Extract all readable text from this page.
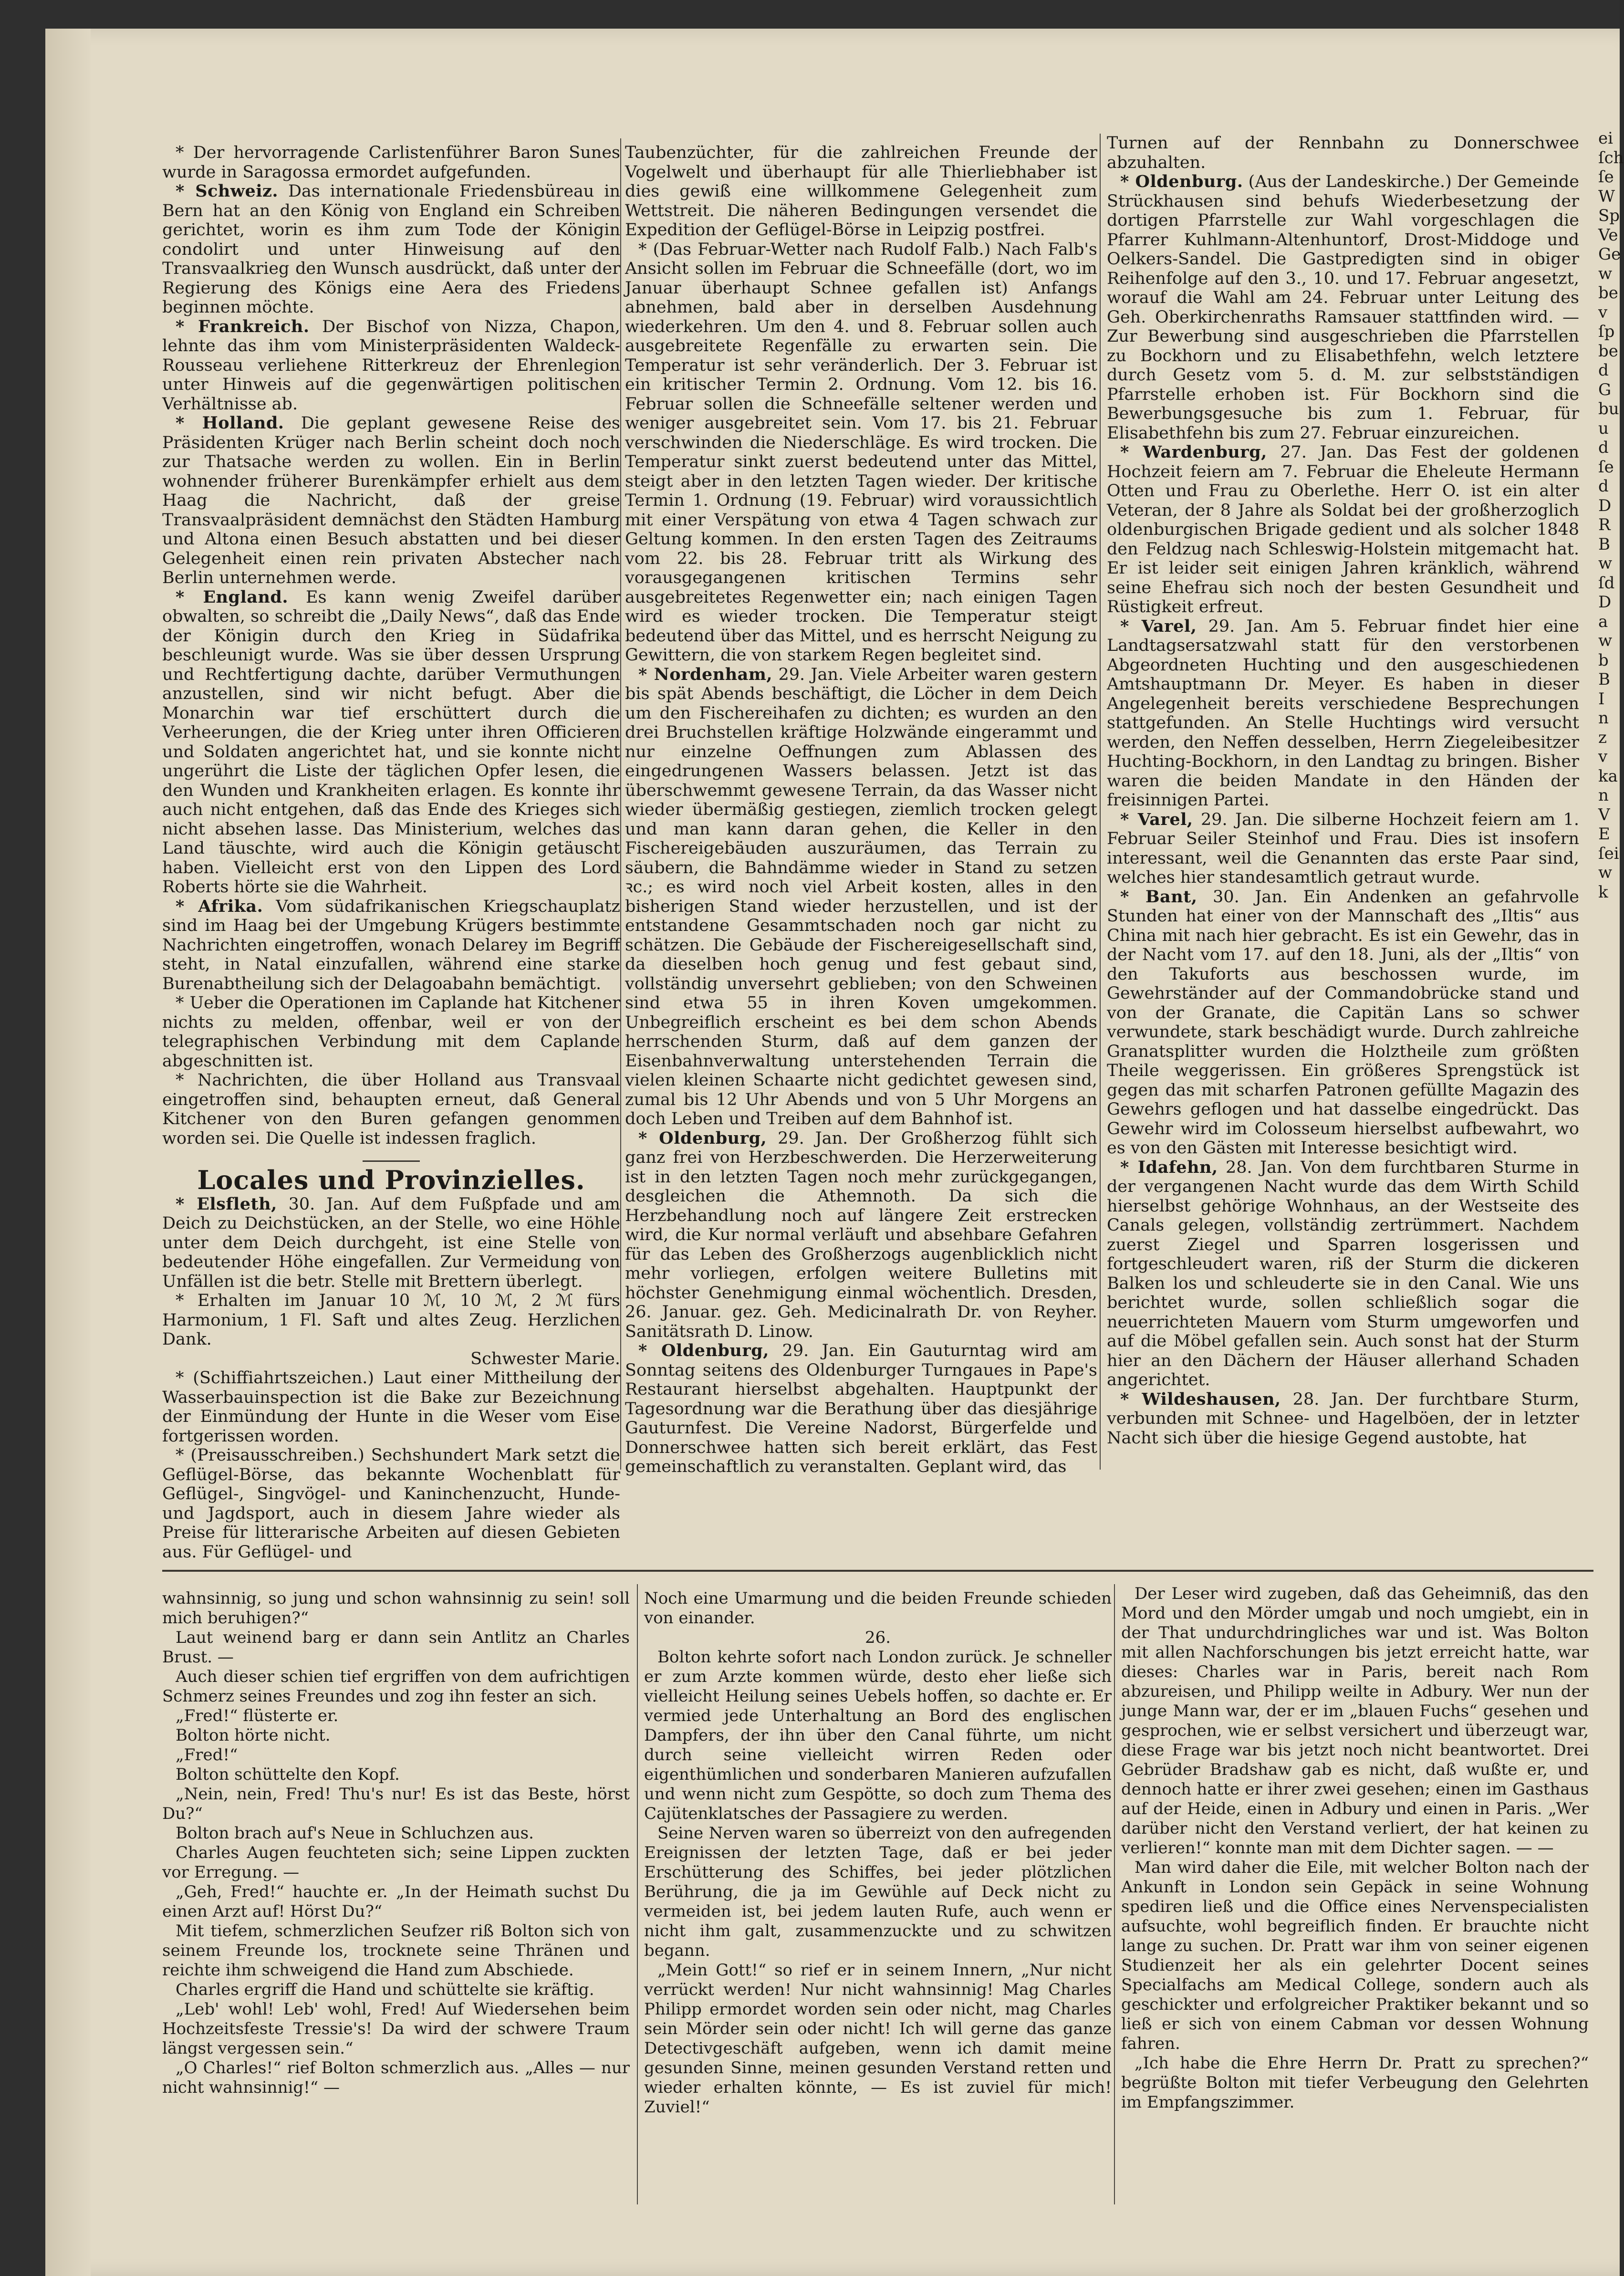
* Der hervorragende Carlistenführer Baron Sunes wurde in Saragossa ermordet aufgefunden.

* Schweiz. Das internationale Friedensbüreau in Bern hat an den König von England ein Schreiben gerichtet, worin es ihm zum Tode der Königin condolirt und unter Hinweisung auf den Transvaalkrieg den Wunsch ausdrückt, daß unter der Regierung des Königs eine Aera des Friedens beginnen möchte.

* Frankreich. Der Bischof von Nizza, Chapon, lehnte das ihm vom Ministerpräsidenten Waldeck-Rousseau verliehene Ritterkreuz der Ehrenlegion unter Hinweis auf die gegenwärtigen politischen Verhältnisse ab.

* Holland. Die geplant gewesene Reise des Präsidenten Krüger nach Berlin scheint doch noch zur Thatsache werden zu wollen. Ein in Berlin wohnender früherer Burenkämpfer erhielt aus dem Haag die Nachricht, daß der greise Transvaalpräsident demnächst den Städten Hamburg und Altona einen Besuch abstatten und bei dieser Gelegenheit einen rein privaten Abstecher nach Berlin unternehmen werde.

* England. Es kann wenig Zweifel darüber obwalten, so schreibt die „Daily News“, daß das Ende der Königin durch den Krieg in Südafrika beschleunigt wurde. Was sie über dessen Ursprung und Rechtfertigung dachte, darüber Vermuthungen anzustellen, sind wir nicht befugt. Aber die Monarchin war tief erschüttert durch die Verheerungen, die der Krieg unter ihren Officieren und Soldaten angerichtet hat, und sie konnte nicht ungerührt die Liste der täglichen Opfer lesen, die den Wunden und Krankheiten erlagen. Es konnte ihr auch nicht entgehen, daß das Ende des Krieges sich nicht absehen lasse. Das Ministerium, welches das Land täuschte, wird auch die Königin getäuscht haben. Vielleicht erst von den Lippen des Lord Roberts hörte sie die Wahrheit.

* Afrika. Vom südafrikanischen Kriegschauplatz sind im Haag bei der Umgebung Krügers bestimmte Nachrichten eingetroffen, wonach Delarey im Begriff steht, in Natal einzufallen, während eine starke Burenabtheilung sich der Delagoabahn bemächtigt.

* Ueber die Operationen im Caplande hat Kitchener nichts zu melden, offenbar, weil er von der telegraphischen Verbindung mit dem Caplande abgeschnitten ist.

* Nachrichten, die über Holland aus Transvaal eingetroffen sind, behaupten erneut, daß General Kitchener von den Buren gefangen genommen worden sei. Die Quelle ist indessen fraglich.

Locales und Provinzielles.

* Elsfleth, 30. Jan. Auf dem Fußpfade und am Deich zu Deichstücken, an der Stelle, wo eine Höhle unter dem Deich durchgeht, ist eine Stelle von bedeutender Höhe eingefallen. Zur Vermeidung von Unfällen ist die betr. Stelle mit Brettern überlegt.

* Erhalten im Januar 10 ℳ, 10 ℳ, 2 ℳ fürs Harmonium, 1 Fl. Saft und altes Zeug. Herzlichen Dank.

Schwester Marie.

* (Schiffiahrtszeichen.) Laut einer Mittheilung der Wasserbauinspection ist die Bake zur Bezeichnung der Einmündung der Hunte in die Weser vom Eise fortgerissen worden.

* (Preisausschreiben.) Sechshundert Mark setzt die Geflügel-Börse, das bekannte Wochenblatt für Geflügel-, Singvögel- und Kaninchenzucht, Hunde- und Jagdsport, auch in diesem Jahre wieder als Preise für litterarische Arbeiten auf diesen Gebieten aus. Für Geflügel- und

Taubenzüchter, für die zahlreichen Freunde der Vogelwelt und überhaupt für alle Thierliebhaber ist dies gewiß eine willkommene Gelegenheit zum Wettstreit. Die näheren Bedingungen versendet die Expedition der Geflügel-Börse in Leipzig postfrei.

* (Das Februar-Wetter nach Rudolf Falb.) Nach Falb's Ansicht sollen im Februar die Schneefälle (dort, wo im Januar überhaupt Schnee gefallen ist) Anfangs abnehmen, bald aber in derselben Ausdehnung wiederkehren. Um den 4. und 8. Februar sollen auch ausgebreitete Regenfälle zu erwarten sein. Die Temperatur ist sehr veränderlich. Der 3. Februar ist ein kritischer Termin 2. Ordnung. Vom 12. bis 16. Februar sollen die Schneefälle seltener werden und weniger ausgebreitet sein. Vom 17. bis 21. Februar verschwinden die Niederschläge. Es wird trocken. Die Temperatur sinkt zuerst bedeutend unter das Mittel, steigt aber in den letzten Tagen wieder. Der kritische Termin 1. Ordnung (19. Februar) wird voraussichtlich mit einer Verspätung von etwa 4 Tagen schwach zur Geltung kommen. In den ersten Tagen des Zeitraums vom 22. bis 28. Februar tritt als Wirkung des vorausgegangenen kritischen Termins sehr ausgebreitetes Regenwetter ein; nach einigen Tagen wird es wieder trocken. Die Temperatur steigt bedeutend über das Mittel, und es herrscht Neigung zu Gewittern, die von starkem Regen begleitet sind.

* Nordenham, 29. Jan. Viele Arbeiter waren gestern bis spät Abends beschäftigt, die Löcher in dem Deich um den Fischereihafen zu dichten; es wurden an den drei Bruchstellen kräftige Holzwände eingerammt und nur einzelne Oeffnungen zum Ablassen des eingedrungenen Wassers belassen. Jetzt ist das überschwemmt gewesene Terrain, da das Wasser nicht wieder übermäßig gestiegen, ziemlich trocken gelegt und man kann daran gehen, die Keller in den Fischereigebäuden auszuräumen, das Terrain zu säubern, die Bahndämme wieder in Stand zu setzen ꝛc.; es wird noch viel Arbeit kosten, alles in den bisherigen Stand wieder herzustellen, und ist der entstandene Gesammtschaden noch gar nicht zu schätzen. Die Gebäude der Fischereigesellschaft sind, da dieselben hoch genug und fest gebaut sind, vollständig unversehrt geblieben; von den Schweinen sind etwa 55 in ihren Koven umgekommen. Unbegreiflich erscheint es bei dem schon Abends herrschenden Sturm, daß auf dem ganzen der Eisenbahnverwaltung unterstehenden Terrain die vielen kleinen Schaarte nicht gedichtet gewesen sind, zumal bis 12 Uhr Abends und von 5 Uhr Morgens an doch Leben und Treiben auf dem Bahnhof ist.

* Oldenburg, 29. Jan. Der Großherzog fühlt sich ganz frei von Herzbeschwerden. Die Herzerweiterung ist in den letzten Tagen noch mehr zurückgegangen, desgleichen die Athemnoth. Da sich die Herzbehandlung noch auf längere Zeit erstrecken wird, die Kur normal verläuft und absehbare Gefahren für das Leben des Großherzogs augenblicklich nicht mehr vorliegen, erfolgen weitere Bulletins mit höchster Genehmigung einmal wöchentlich. Dresden, 26. Januar. gez. Geh. Medicinalrath Dr. von Reyher. Sanitätsrath D. Linow.

* Oldenburg, 29. Jan. Ein Gauturntag wird am Sonntag seitens des Oldenburger Turngaues in Pape's Restaurant hierselbst abgehalten. Hauptpunkt der Tagesordnung war die Berathung über das diesjährige Gauturnfest. Die Vereine Nadorst, Bürgerfelde und Donnerschwee hatten sich bereit erklärt, das Fest gemeinschaftlich zu veranstalten. Geplant wird, das

Turnen auf der Rennbahn zu Donnerschwee abzuhalten.

* Oldenburg. (Aus der Landeskirche.) Der Gemeinde Strückhausen sind behufs Wiederbesetzung der dortigen Pfarrstelle zur Wahl vorgeschlagen die Pfarrer Kuhlmann-Altenhuntorf, Drost-Middoge und Oelkers-Sandel. Die Gastpredigten sind in obiger Reihenfolge auf den 3., 10. und 17. Februar angesetzt, worauf die Wahl am 24. Februar unter Leitung des Geh. Oberkirchenraths Ramsauer stattfinden wird. — Zur Bewerbung sind ausgeschrieben die Pfarrstellen zu Bockhorn und zu Elisabethfehn, welch letztere durch Gesetz vom 5. d. M. zur selbstständigen Pfarrstelle erhoben ist. Für Bockhorn sind die Bewerbungsgesuche bis zum 1. Februar, für Elisabethfehn bis zum 27. Februar einzureichen.

* Wardenburg, 27. Jan. Das Fest der goldenen Hochzeit feiern am 7. Februar die Eheleute Hermann Otten und Frau zu Oberlethe. Herr O. ist ein alter Veteran, der 8 Jahre als Soldat bei der großherzoglich oldenburgischen Brigade gedient und als solcher 1848 den Feldzug nach Schleswig-Holstein mitgemacht hat. Er ist leider seit einigen Jahren kränklich, während seine Ehefrau sich noch der besten Gesundheit und Rüstigkeit erfreut.

* Varel, 29. Jan. Am 5. Februar findet hier eine Landtagsersatzwahl statt für den verstorbenen Abgeordneten Huchting und den ausgeschiedenen Amtshauptmann Dr. Meyer. Es haben in dieser Angelegenheit bereits verschiedene Besprechungen stattgefunden. An Stelle Huchtings wird versucht werden, den Neffen desselben, Herrn Ziegeleibesitzer Huchting-Bockhorn, in den Landtag zu bringen. Bisher waren die beiden Mandate in den Händen der freisinnigen Partei.

* Varel, 29. Jan. Die silberne Hochzeit feiern am 1. Februar Seiler Steinhof und Frau. Dies ist insofern interessant, weil die Genannten das erste Paar sind, welches hier standesamtlich getraut wurde.

* Bant, 30. Jan. Ein Andenken an gefahrvolle Stunden hat einer von der Mannschaft des „Iltis“ aus China mit nach hier gebracht. Es ist ein Gewehr, das in der Nacht vom 17. auf den 18. Juni, als der „Iltis“ von den Takuforts aus beschossen wurde, im Gewehrständer auf der Commandobrücke stand und von der Granate, die Capitän Lans so schwer verwundete, stark beschädigt wurde. Durch zahlreiche Granatsplitter wurden die Holztheile zum größten Theile weggerissen. Ein größeres Sprengstück ist gegen das mit scharfen Patronen gefüllte Magazin des Gewehrs geflogen und hat dasselbe eingedrückt. Das Gewehr wird im Colosseum hierselbst aufbewahrt, wo es von den Gästen mit Interesse besichtigt wird.

* Idafehn, 28. Jan. Von dem furchtbaren Sturme in der vergangenen Nacht wurde das dem Wirth Schild hierselbst gehörige Wohnhaus, an der Westseite des Canals gelegen, vollständig zertrümmert. Nachdem zuerst Ziegel und Sparren losgerissen und fortgeschleudert waren, riß der Sturm die dickeren Balken los und schleuderte sie in den Canal. Wie uns berichtet wurde, sollen schließlich sogar die neuerrichteten Mauern vom Sturm umgeworfen und auf die Möbel gefallen sein. Auch sonst hat der Sturm hier an den Dächern der Häuser allerhand Schaden angerichtet.

* Wildeshausen, 28. Jan. Der furchtbare Sturm, verbunden mit Schnee- und Hagelböen, der in letzter Nacht sich über die hiesige Gegend austobte, hat

wahnsinnig, so jung und schon wahnsinnig zu sein! soll mich beruhigen?“

Laut weinend barg er dann sein Antlitz an Charles Brust. —

Auch dieser schien tief ergriffen von dem aufrichtigen Schmerz seines Freundes und zog ihn fester an sich.

„Fred!“ flüsterte er.

Bolton hörte nicht.

„Fred!“

Bolton schüttelte den Kopf.

„Nein, nein, Fred! Thu's nur! Es ist das Beste, hörst Du?“

Bolton brach auf's Neue in Schluchzen aus.

Charles Augen feuchteten sich; seine Lippen zuckten vor Erregung. —

„Geh, Fred!“ hauchte er. „In der Heimath suchst Du einen Arzt auf! Hörst Du?“

Mit tiefem, schmerzlichen Seufzer riß Bolton sich von seinem Freunde los, trocknete seine Thränen und reichte ihm schweigend die Hand zum Abschiede.

Charles ergriff die Hand und schüttelte sie kräftig.

„Leb' wohl! Leb' wohl, Fred! Auf Wiedersehen beim Hochzeitsfeste Tressie's! Da wird der schwere Traum längst vergessen sein.“

„O Charles!“ rief Bolton schmerzlich aus. „Alles — nur nicht wahnsinnig!“ —

Noch eine Umarmung und die beiden Freunde schieden von einander.

26.

Bolton kehrte sofort nach London zurück. Je schneller er zum Arzte kommen würde, desto eher ließe sich vielleicht Heilung seines Uebels hoffen, so dachte er. Er vermied jede Unterhaltung an Bord des englischen Dampfers, der ihn über den Canal führte, um nicht durch seine vielleicht wirren Reden oder eigenthümlichen und sonderbaren Manieren aufzufallen und wenn nicht zum Gespötte, so doch zum Thema des Cajütenklatsches der Passagiere zu werden.

Seine Nerven waren so überreizt von den aufregenden Ereignissen der letzten Tage, daß er bei jeder Erschütterung des Schiffes, bei jeder plötzlichen Berührung, die ja im Gewühle auf Deck nicht zu vermeiden ist, bei jedem lauten Rufe, auch wenn er nicht ihm galt, zusammenzuckte und zu schwitzen begann.

„Mein Gott!“ so rief er in seinem Innern, „Nur nicht verrückt werden! Nur nicht wahnsinnig! Mag Charles Philipp ermordet worden sein oder nicht, mag Charles sein Mörder sein oder nicht! Ich will gerne das ganze Detectivgeschäft aufgeben, wenn ich damit meine gesunden Sinne, meinen gesunden Verstand retten und wieder erhalten könnte, — Es ist zuviel für mich! Zuviel!“

Der Leser wird zugeben, daß das Geheimniß, das den Mord und den Mörder umgab und noch umgiebt, ein in der That undurchdringliches war und ist. Was Bolton mit allen Nachforschungen bis jetzt erreicht hatte, war dieses: Charles war in Paris, bereit nach Rom abzureisen, und Philipp weilte in Adbury. Wer nun der junge Mann war, der er im „blauen Fuchs“ gesehen und gesprochen, wie er selbst versichert und überzeugt war, diese Frage war bis jetzt noch nicht beantwortet. Drei Gebrüder Bradshaw gab es nicht, daß wußte er, und dennoch hatte er ihrer zwei gesehen; einen im Gasthaus auf der Heide, einen in Adbury und einen in Paris. „Wer darüber nicht den Verstand verliert, der hat keinen zu verlieren!“ konnte man mit dem Dichter sagen. — —

Man wird daher die Eile, mit welcher Bolton nach der Ankunft in London sein Gepäck in seine Wohnung spediren ließ und die Office eines Nervenspecialisten aufsuchte, wohl begreiflich finden. Er brauchte nicht lange zu suchen. Dr. Pratt war ihm von seiner eigenen Studienzeit her als ein gelehrter Docent seines Specialfachs am Medical College, sondern auch als geschickter und erfolgreicher Praktiker bekannt und so ließ er sich von einem Cabman vor dessen Wohnung fahren.

„Ich habe die Ehre Herrn Dr. Pratt zu sprechen?“ begrüßte Bolton mit tiefer Verbeugung den Gelehrten im Empfangszimmer.

ei
ſch
ſe
W
Sp
Ve
Ge
w
be
v
ſp
be
d
G
bu
u
d
ſe
d
D
R
B
w
ſd
D
a
w
b
B
I
n
z
v
ka
n
V
E
ſei
w
k
